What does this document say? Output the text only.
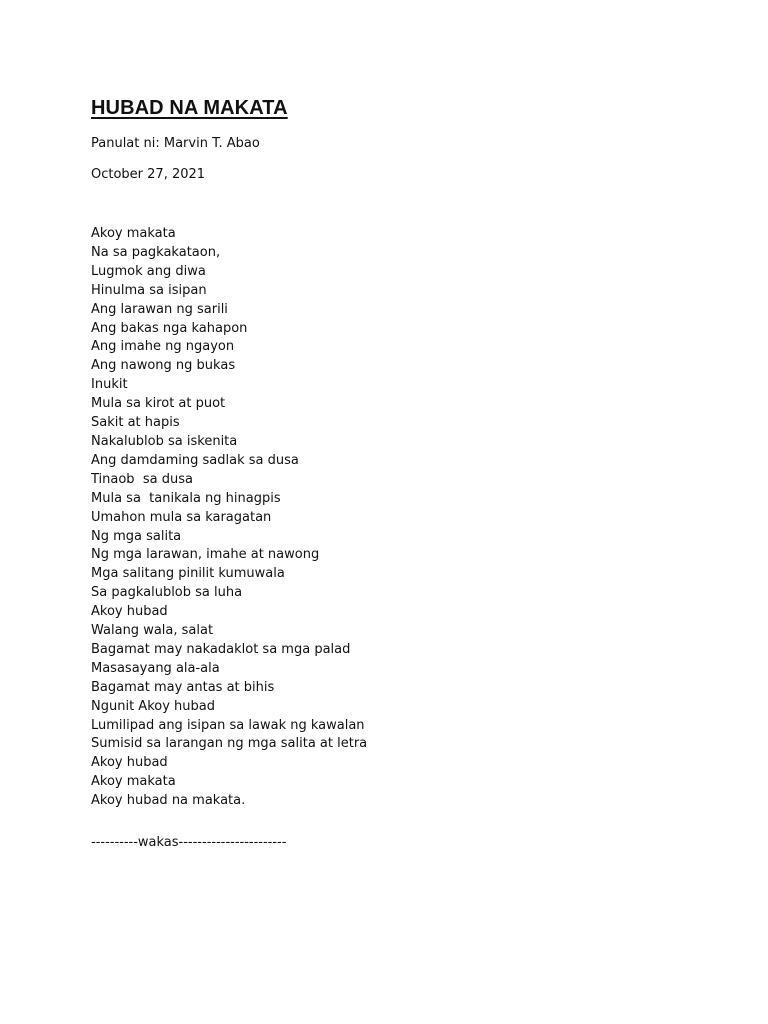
HUBAD NA MAKATA

Panulat ni: Marvin T. Abao

October 27, 2021

Akoy makata
Na sa pagkakataon,
Lugmok ang diwa
Hinulma sa isipan
Ang larawan ng sarili
Ang bakas nga kahapon
Ang imahe ng ngayon
Ang nawong ng bukas
Inukit
Mula sa kirot at puot
Sakit at hapis
Nakalublob sa iskenita
Ang damdaming sadlak sa dusa
Tinaob  sa dusa
Mula sa  tanikala ng hinagpis
Umahon mula sa karagatan
Ng mga salita
Ng mga larawan, imahe at nawong
Mga salitang pinilit kumuwala
Sa pagkalublob sa luha
Akoy hubad
Walang wala, salat
Bagamat may nakadaklot sa mga palad
Masasayang ala-ala
Bagamat may antas at bihis
Ngunit Akoy hubad
Lumilipad ang isipan sa lawak ng kawalan
Sumisid sa larangan ng mga salita at letra
Akoy hubad
Akoy makata
Akoy hubad na makata.

----------wakas-----------------------
